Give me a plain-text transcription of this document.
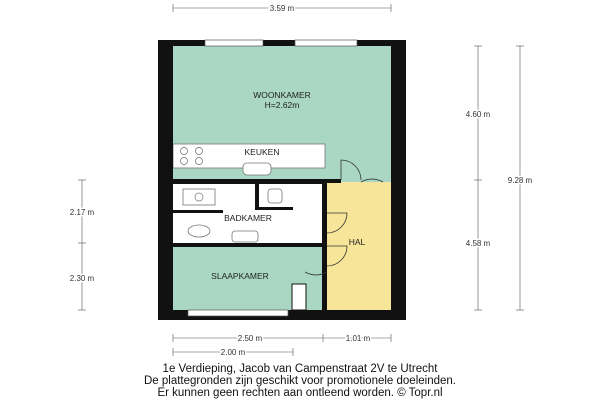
WOONKAMER
H=2.62m
KEUKEN
BADKAMER
HAL
SLAAPKAMER
3.59 m
4.60 m
4.58 m
9.28 m
2.17 m
2.30 m
2.50 m	1.01 m
2.00 m
1e Verdieping, Jacob van Campenstraat 2V te Utrecht
De plattegronden zijn geschikt voor promotionele doeleinden.
Er kunnen geen rechten aan ontleend worden. © Topr.nl
